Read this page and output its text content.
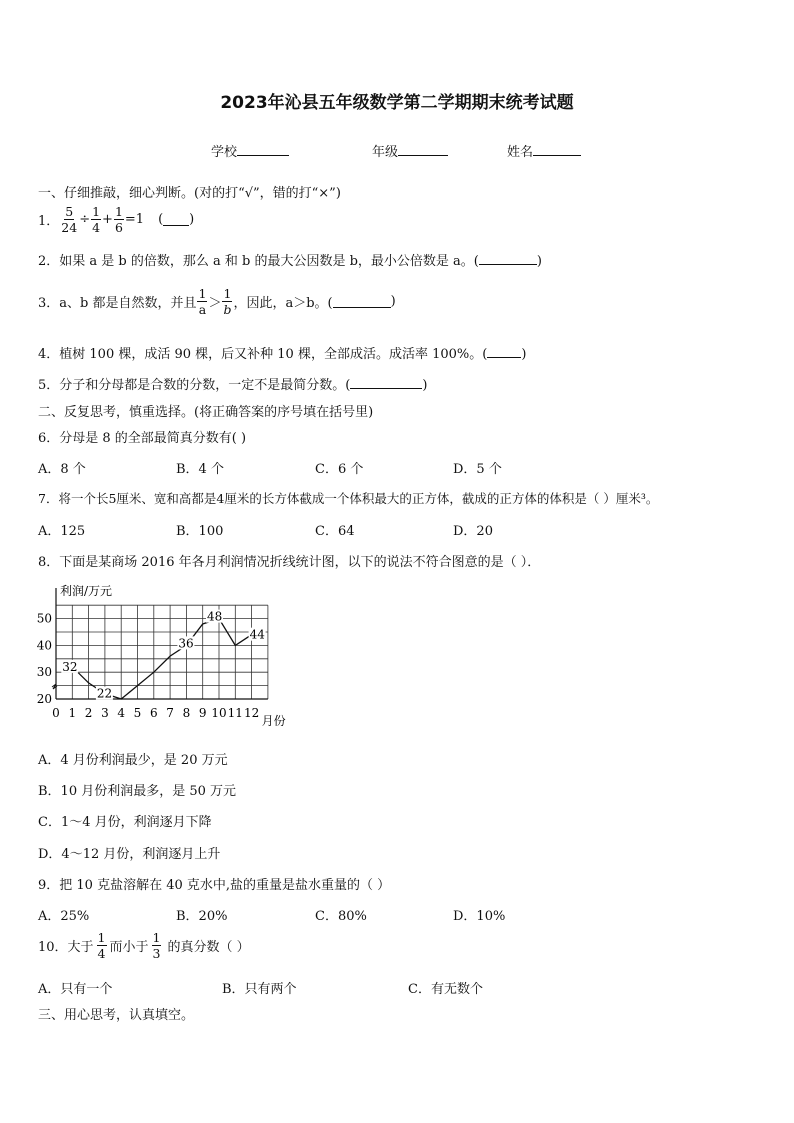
2023年沁县五年级数学第二学期期末统考试题
学校	年级	姓名
一、仔细推敲，细心判断。(对的打“√”，错的打“×”)
1． $\frac{5}{24} \div \frac{1}{4} + \frac{1}{6} =1$ ( )
2．如果 a 是 b 的倍数，那么 a 和 b 的最大公因数是 b，最小公倍数是 a。(	)
3．a、b 都是自然数，并且 $\frac{1}{a} > \frac{1}{b}$ ，因此，a＞b。(	)
4．植树 100 棵，成活 90 棵，后又补种 10 棵，全部成活。成活率 100%。(	)
5．分子和分母都是合数的分数，一定不是最简分数。(	)
二、反复思考，慎重选择。(将正确答案的序号填在括号里)
6．分母是 8 的全部最简真分数有( )
A．8 个	B．4 个	C．6 个	D．5 个
7．将一个长5厘米、宽和高都是4厘米的长方体截成一个体积最大的正方体，截成的正方体的体积是（ ）厘米³。
A．125	B．100	C．64	D．20
8．下面是某商场 2016 年各月利润情况折线统计图，以下的说法不符合图意的是（ ）．
利润/万元
月份
20
30
40
50
0 1 2 3 4 5 6 7 8 9 10 11 12
32
22
36
48
44
A．4 月份利润最少，是 20 万元
B．10 月份利润最多，是 50 万元
C．1～4 月份，利润逐月下降
D．4～12 月份，利润逐月上升
9．把 10 克盐溶解在 40 克水中,盐的重量是盐水重量的（ ）
A．25%	B．20%	C．80%	D．10%
10．大于 $\frac{1}{4}$ 而小于 $\frac{1}{3}$ 的真分数（ ）
A．只有一个	B．只有两个	C．有无数个
三、用心思考，认真填空。
